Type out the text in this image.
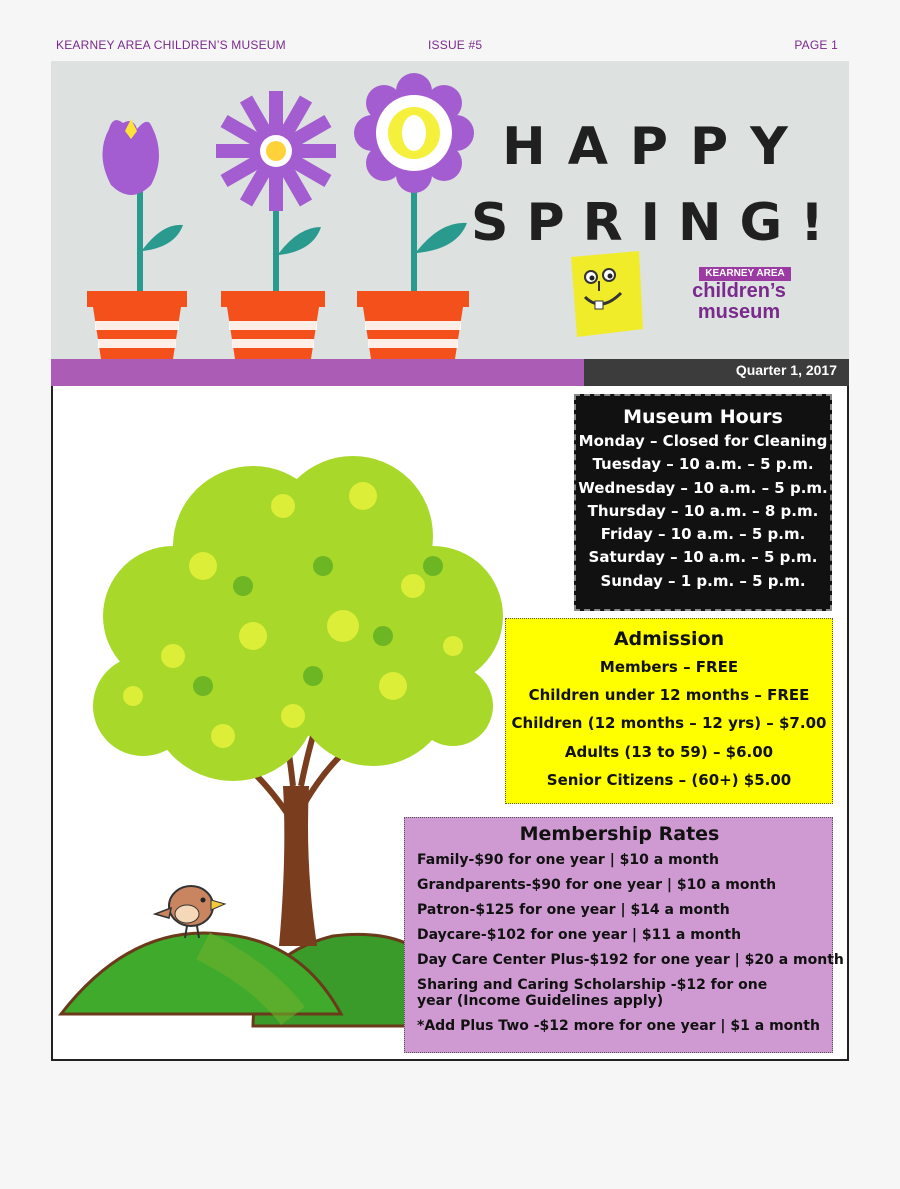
KEARNEY AREA CHILDREN’S MUSEUM	ISSUE #5	PAGE 1
HAPPY
SPRING!
KEARNEY AREA
children’s
museum
Quarter 1, 2017
Museum Hours
Monday – Closed for Cleaning
Tuesday – 10 a.m. – 5 p.m.
Wednesday – 10 a.m. – 5 p.m.
Thursday – 10 a.m. – 8 p.m.
Friday – 10 a.m. – 5 p.m.
Saturday – 10 a.m. – 5 p.m.
Sunday – 1 p.m. – 5 p.m.
Admission
Members – FREE
Children under 12 months – FREE
Children (12 months – 12 yrs) – $7.00
Adults (13 to 59) – $6.00
Senior Citizens – (60+) $5.00
Membership Rates
Family-$90 for one year | $10 a month
Grandparents-$90 for one year | $10 a month
Patron-$125 for one year | $14 a month
Daycare-$102 for one year | $11 a month
Day Care Center Plus-$192 for one year | $20 a month
Sharing and Caring Scholarship -$12 for one year (Income Guidelines apply)
*Add Plus Two -$12 more for one year | $1 a month
